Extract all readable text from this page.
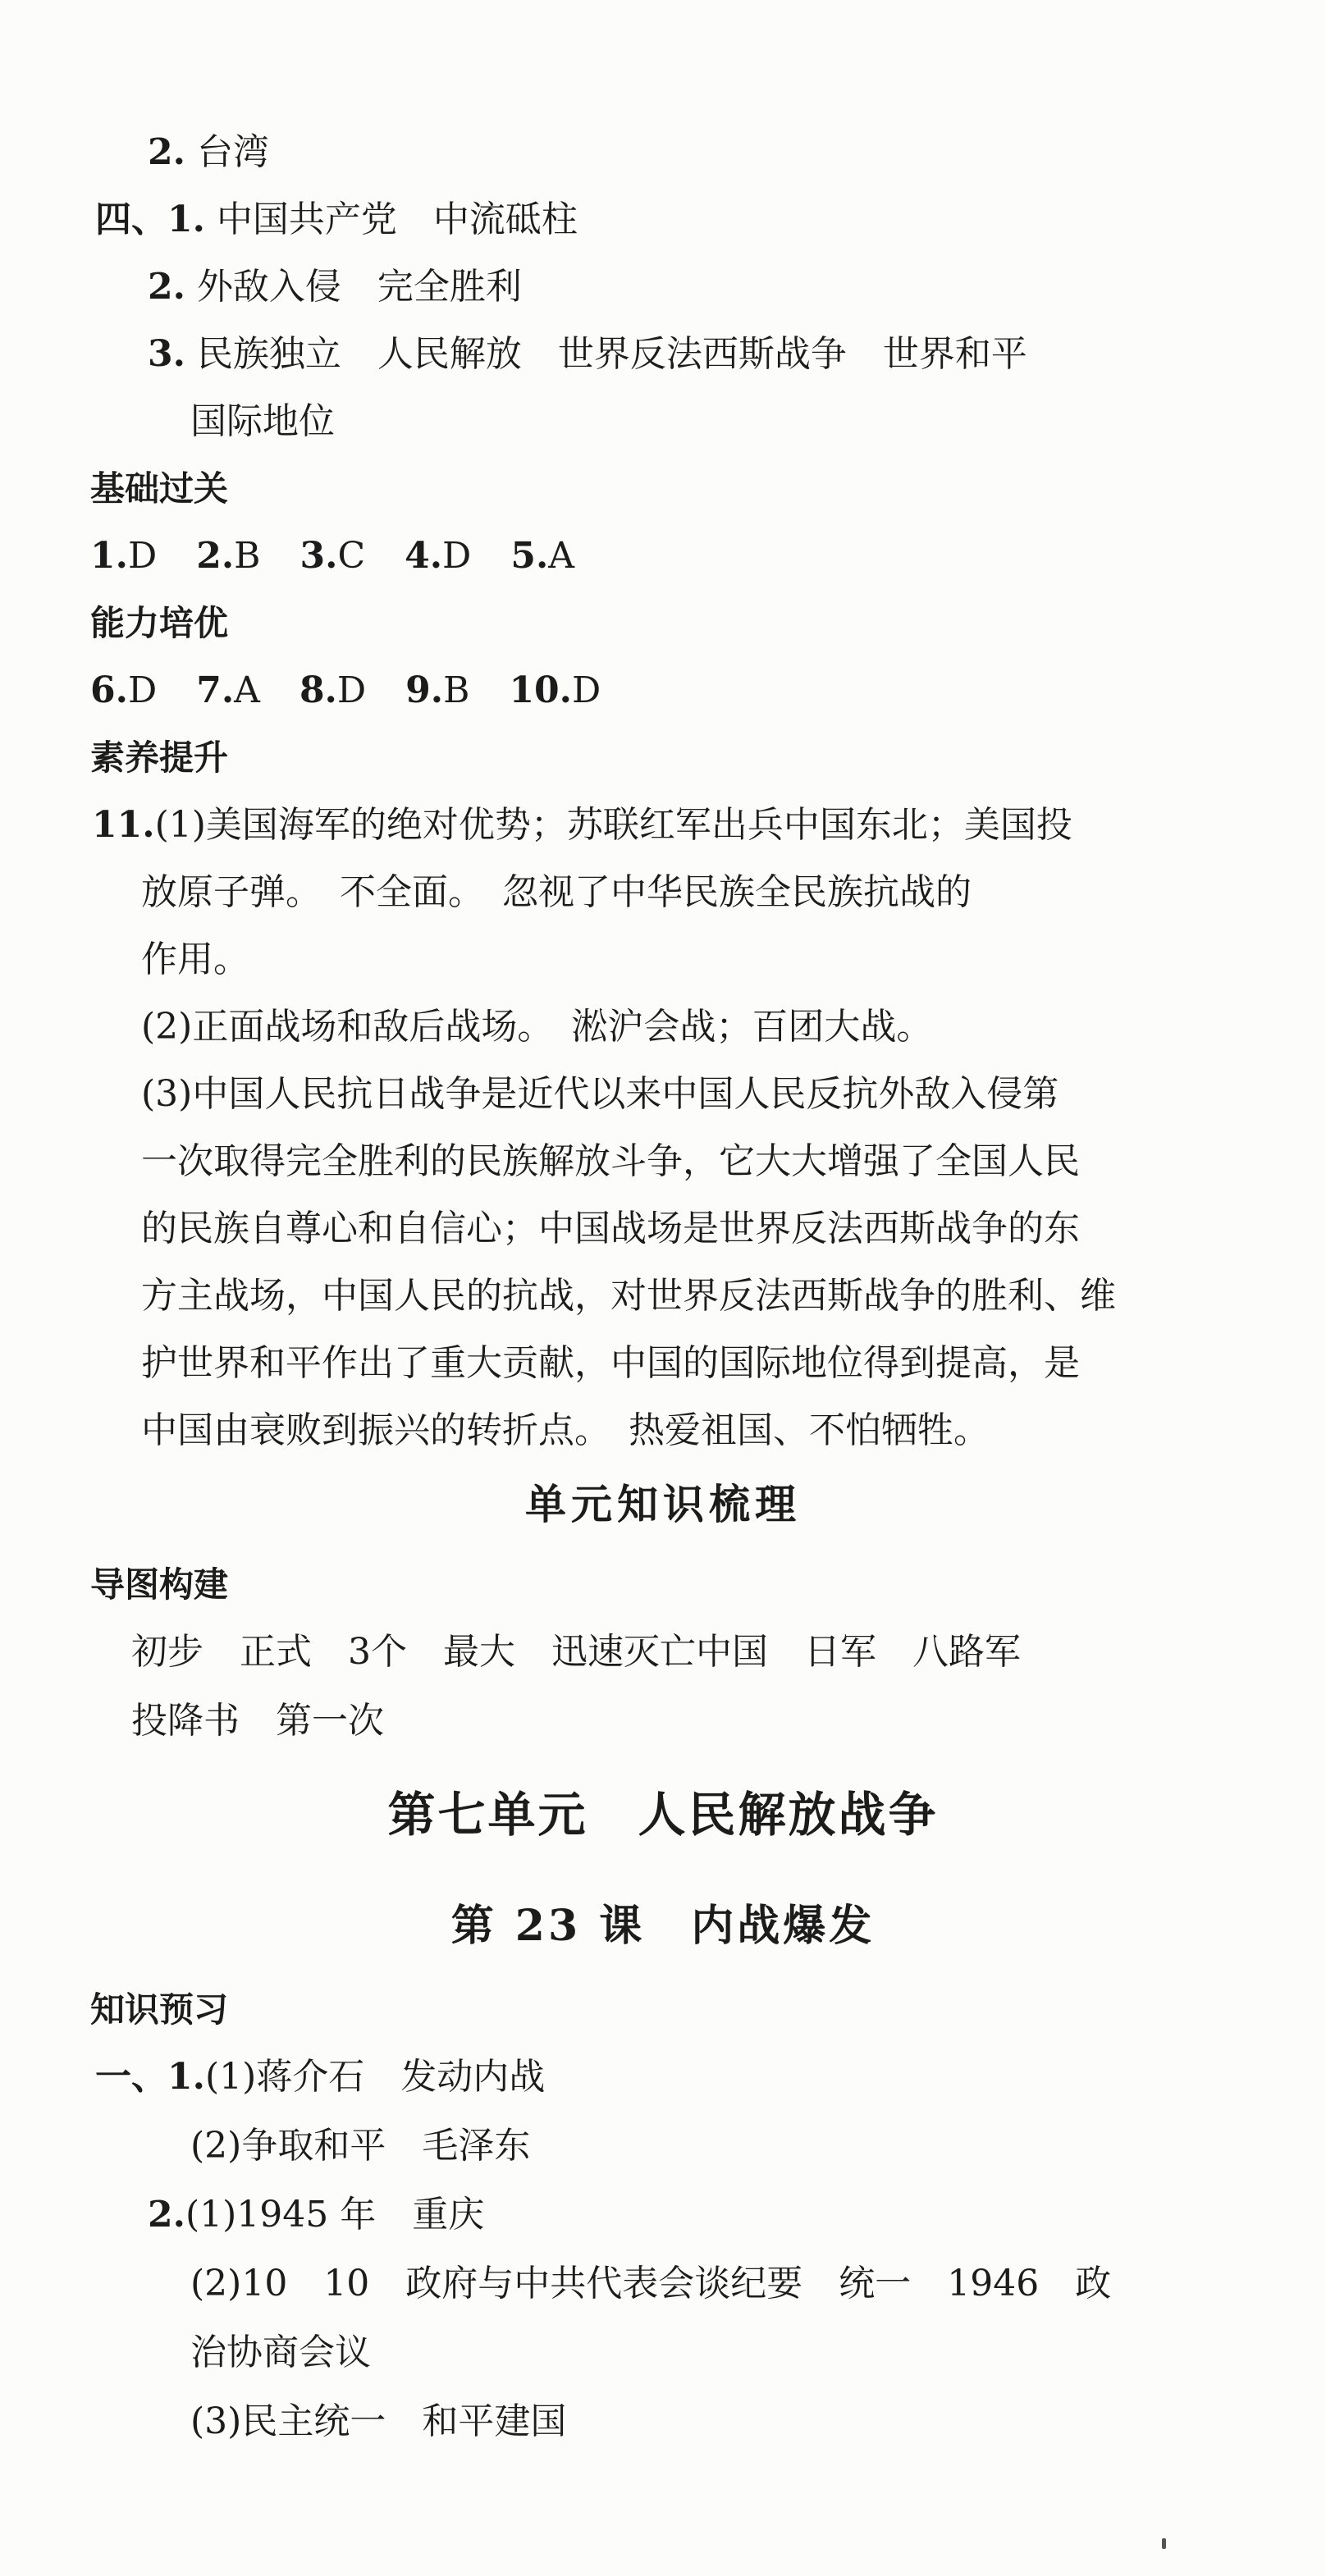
2. 台湾
四、1. 中国共产党　中流砥柱
2. 外敌入侵　完全胜利
3. 民族独立　人民解放　世界反法西斯战争　世界和平
国际地位
基础过关
1.D 2.B 3.C 4.D 5.A
能力培优
6.D 7.A 8.D 9.B 10.D
素养提升
11.(1)美国海军的绝对优势；苏联红军出兵中国东北；美国投
放原子弹。　不全面。　忽视了中华民族全民族抗战的
作用。
(2)正面战场和敌后战场。　淞沪会战；百团大战。
(3)中国人民抗日战争是近代以来中国人民反抗外敌入侵第
一次取得完全胜利的民族解放斗争，它大大增强了全国人民
的民族自尊心和自信心；中国战场是世界反法西斯战争的东
方主战场，中国人民的抗战，对世界反法西斯战争的胜利、维
护世界和平作出了重大贡献，中国的国际地位得到提高，是
中国由衰败到振兴的转折点。　热爱祖国、不怕牺牲。
单元知识梳理
导图构建
初步　正式　3个　最大　迅速灭亡中国　日军　八路军
投降书　第一次
第七单元　人民解放战争
第 23 课　内战爆发
知识预习
一、1.(1)蒋介石　发动内战
(2)争取和平　毛泽东
2.(1)1945 年　重庆
(2)10　10　政府与中共代表会谈纪要　统一　1946　政
治协商会议
(3)民主统一　和平建国
